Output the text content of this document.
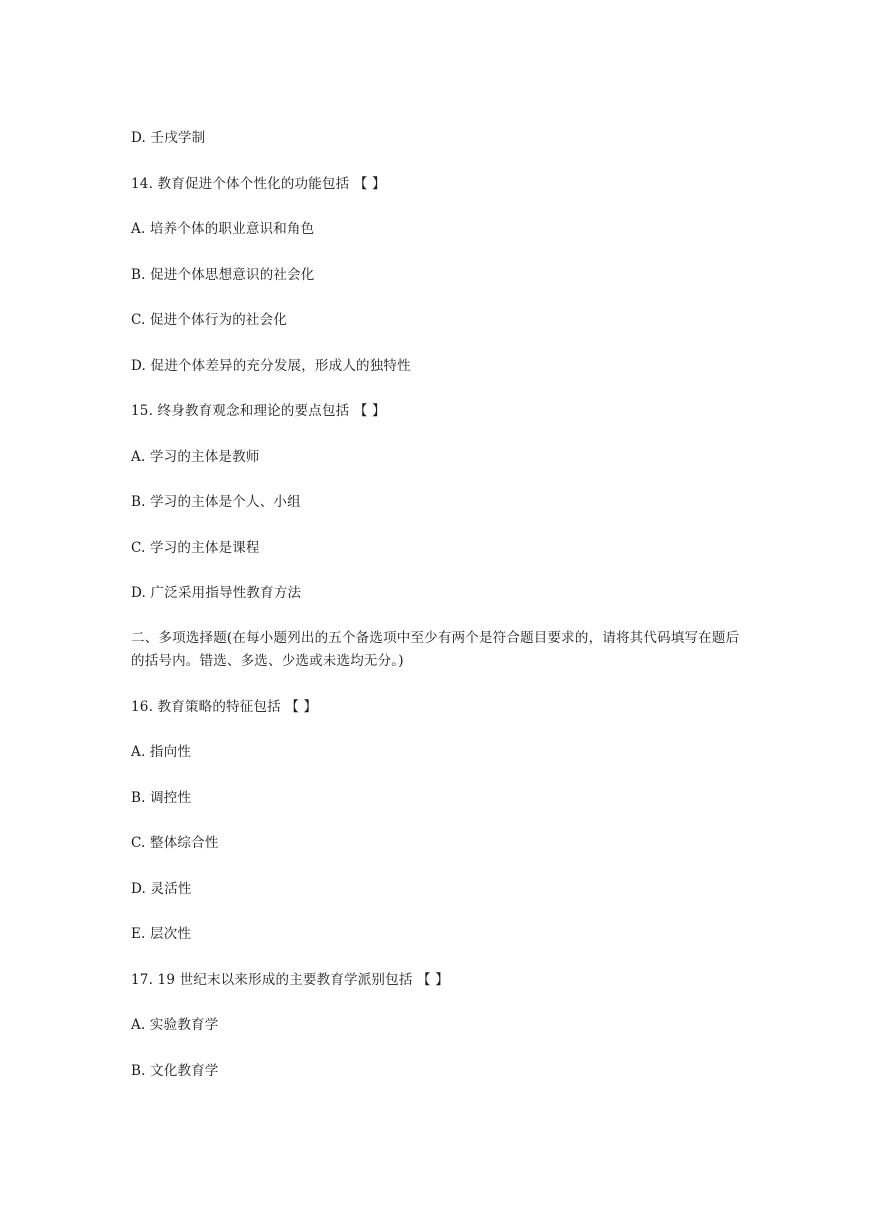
D. 壬戌学制
14. 教育促进个体个性化的功能包括 【 】
A. 培养个体的职业意识和角色
B. 促进个体思想意识的社会化
C. 促进个体行为的社会化
D. 促进个体差异的充分发展，形成人的独特性
15. 终身教育观念和理论的要点包括 【 】
A. 学习的主体是教师
B. 学习的主体是个人、小组
C. 学习的主体是课程
D. 广泛采用指导性教育方法
二、多项选择题(在每小题列出的五个备选项中至少有两个是符合题目要求的，请将其代码填写在题后的括号内。错选、多选、少选或未选均无分。)
16. 教育策略的特征包括 【 】
A. 指向性
B. 调控性
C. 整体综合性
D. 灵活性
E. 层次性
17. 19 世纪末以来形成的主要教育学派别包括 【 】
A. 实验教育学
B. 文化教育学
